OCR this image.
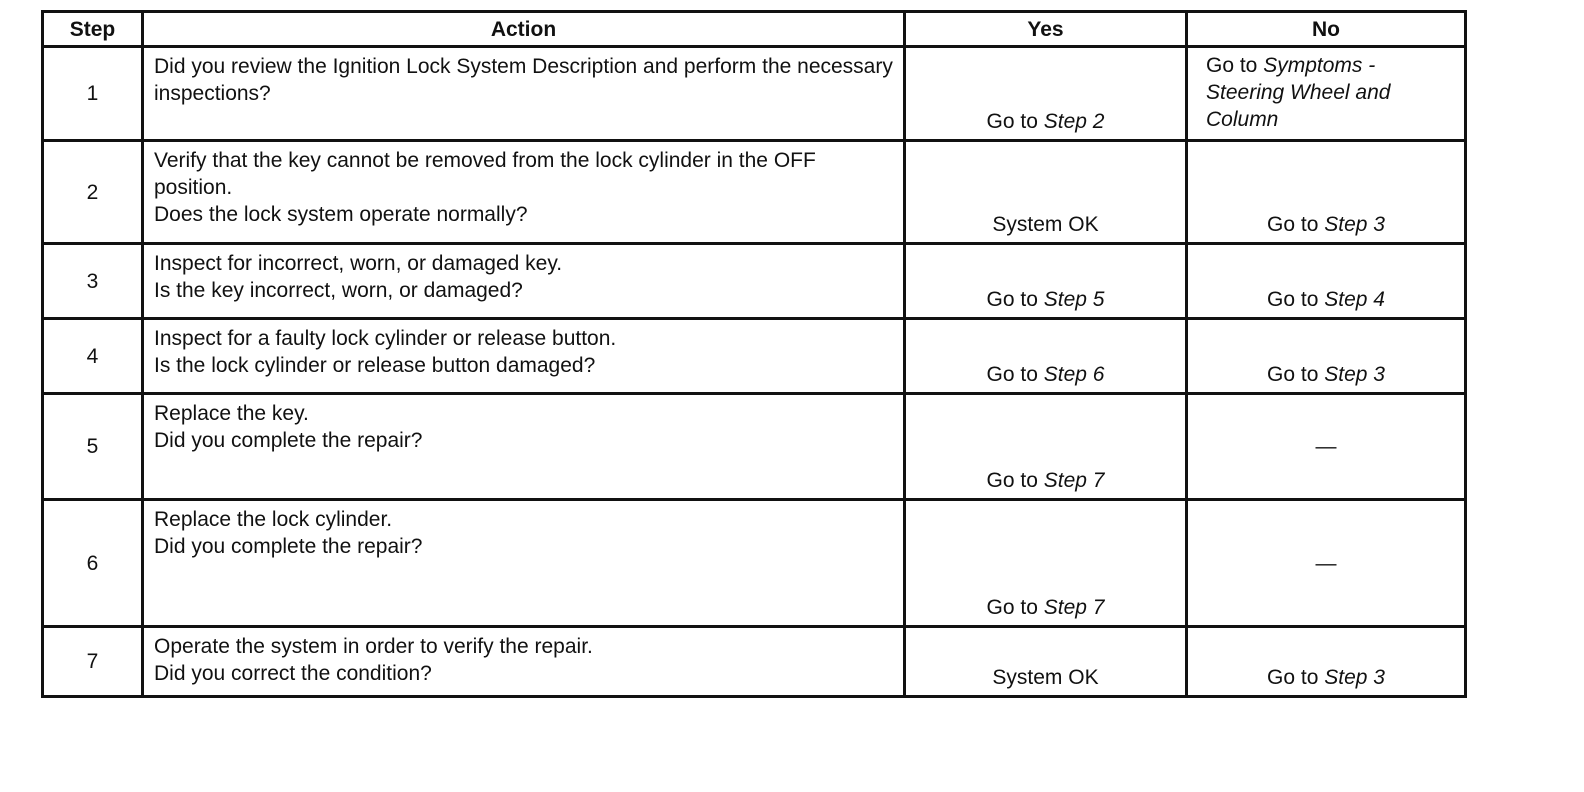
Step	Action	Yes	No
1	Did you review the Ignition Lock System Description and perform the necessary inspections?	Go to Step 2	Go to Symptoms - Steering Wheel and Column
2	Verify that the key cannot be removed from the lock cylinder in the OFF position.
Does the lock system operate normally?	System OK	Go to Step 3
3	Inspect for incorrect, worn, or damaged key.
Is the key incorrect, worn, or damaged?	Go to Step 5	Go to Step 4
4	Inspect for a faulty lock cylinder or release button.
Is the lock cylinder or release button damaged?	Go to Step 6	Go to Step 3
5	Replace the key.
Did you complete the repair?	Go to Step 7	—
6	Replace the lock cylinder.
Did you complete the repair?	Go to Step 7	—
7	Operate the system in order to verify the repair.
Did you correct the condition?	System OK	Go to Step 3
